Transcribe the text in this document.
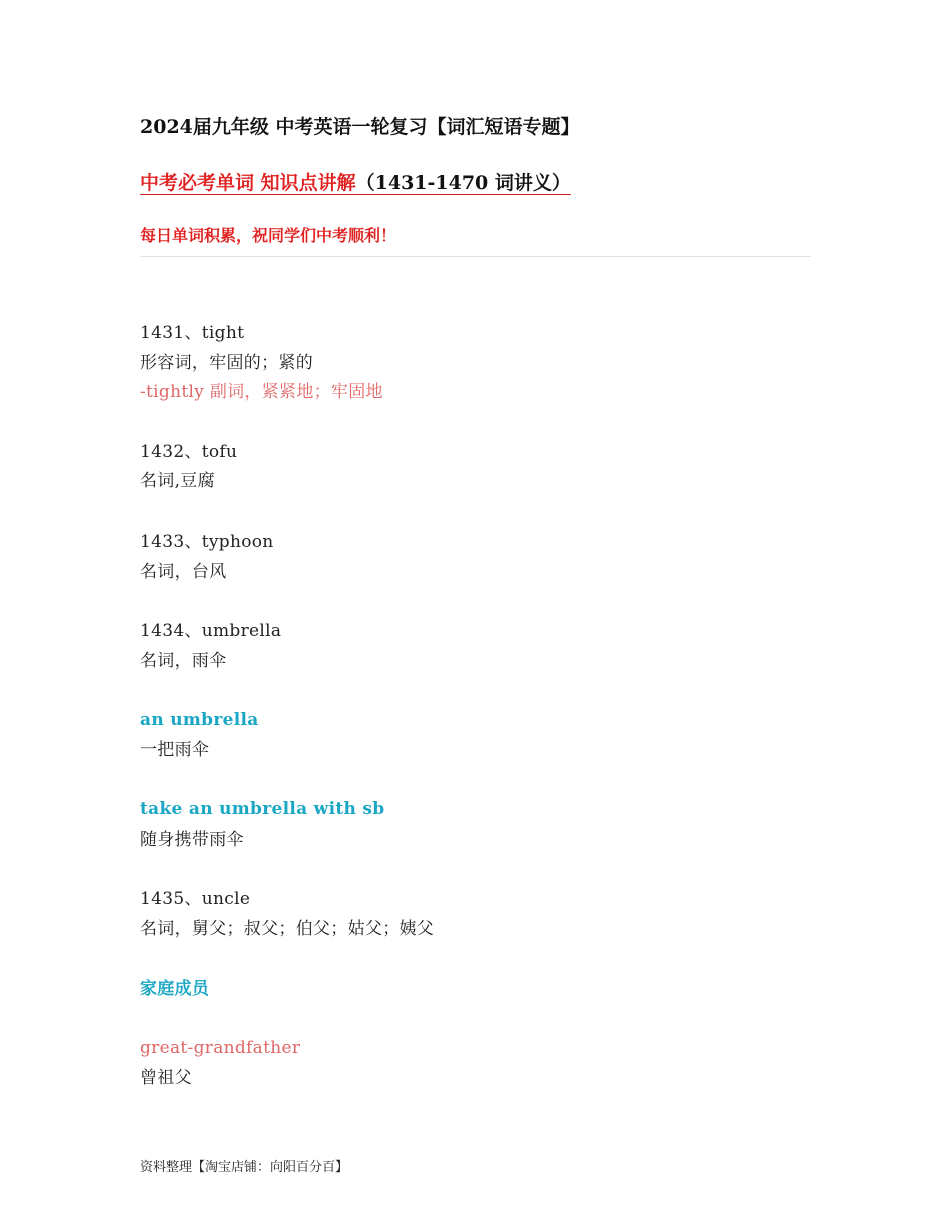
2024届九年级 中考英语一轮复习【词汇短语专题】
中考必考单词 知识点讲解（1431-1470 词讲义）
每日单词积累，祝同学们中考顺利！
1431、tight
形容词，牢固的；紧的
-tightly 副词，紧紧地；牢固地
1432、tofu
名词,豆腐
1433、typhoon
名词，台风
1434、umbrella
名词，雨伞
an umbrella
一把雨伞
take an umbrella with sb
随身携带雨伞
1435、uncle
名词，舅父；叔父；伯父；姑父；姨父
家庭成员
great-grandfather
曾祖父
资料整理【淘宝店铺：向阳百分百】
